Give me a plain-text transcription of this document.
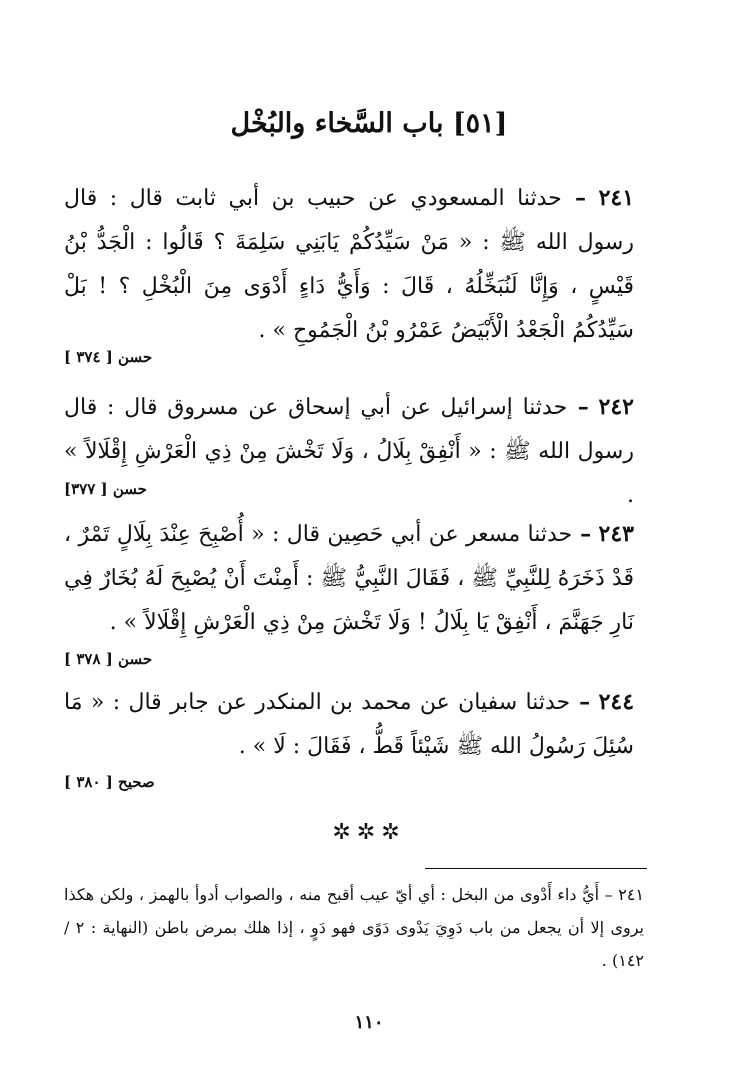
[٥١] باب السَّخاء والبُخْل
٢٤١ – حدثنا المسعودي عن حبيب بن أبي ثابت قال : قال رسول الله ﷺ : « مَنْ سَيِّدُكُمْ يَابَنِي سَلِمَةَ ؟ قَالُوا : الْجَدُّ بْنُ قَيْسٍ ، وَإِنَّا لَنُبَخِّلُهُ ، قَالَ : وَأَيُّ دَاءٍ أَدْوَى مِنَ الْبُخْلِ ؟ ! بَلْ سَيِّدُكُمُ الْجَعْدُ الْأَبْيَضُ عَمْرُو بْنُ الْجَمُوحِ » .
حسن [ ٣٧٤ ]
٢٤٢ – حدثنا إسرائيل عن أبي إسحاق عن مسروق قال : قال رسول الله ﷺ : « أَنْفِقْ بِلَالُ ، وَلَا تَخْشَ مِنْ ذِي الْعَرْشِ إِقْلَالاً » .
حسن [ ٣٧٧]
٢٤٣ – حدثنا مسعر عن أبي حَصِين قال : « أُصْبِحَ عِنْدَ بِلَالٍ تَمْرٌ ، قَدْ ذَخَرَهُ لِلنَّبِيِّ ﷺ ، فَقَالَ النَّبِيُّ ﷺ : أَمِنْتَ أَنْ يُصْبِحَ لَهُ بُخَارٌ فِي نَارِ جَهَنَّمَ ، أَنْفِقْ يَا بِلَالُ ! وَلَا تَخْشَ مِنْ ذِي الْعَرْشِ إِقْلَالاً » .
حسن [ ٣٧٨ ]
٢٤٤ – حدثنا سفيان عن محمد بن المنكدر عن جابر قال : « مَا سُئِلَ رَسُولُ الله ﷺ شَيْئاً قَطُّ ، فَقَالَ : لَا » .
صحيح [ ٣٨٠ ]
✲✲✲
٢٤١ – أَيُّ داء أَدْوى من البخل : أي أيّ عيب أقبح منه ، والصواب أدوأ بالهمز ، ولكن هكذا يروى إلا أن يجعل من باب دَوِيَ يَدْوى دَوًى فهو دَوٍ ، إذا هلك بمرض باطن (النهاية : ٢ /١٤٢) .
١١٠
